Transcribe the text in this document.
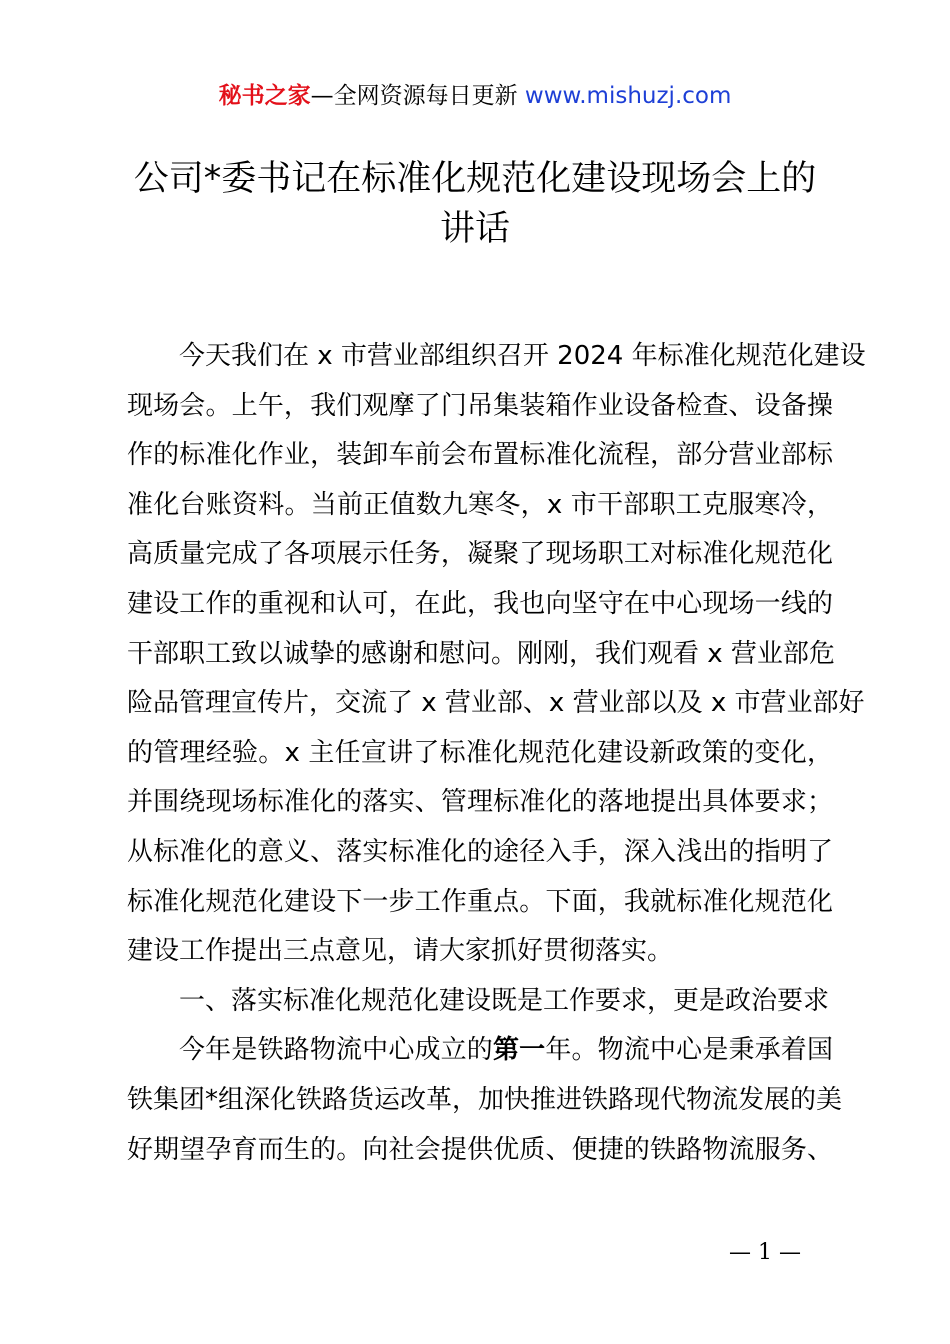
秘书之家—全网资源每日更新 www.mishuzj.com
公司*委书记在标准化规范化建设现场会上的
讲话
今天我们在 x 市营业部组织召开 2024 年标准化规范化建设
现场会。上午，我们观摩了门吊集装箱作业设备检查、设备操
作的标准化作业，装卸车前会布置标准化流程，部分营业部标
准化台账资料。当前正值数九寒冬，x 市干部职工克服寒冷，
高质量完成了各项展示任务，凝聚了现场职工对标准化规范化
建设工作的重视和认可，在此，我也向坚守在中心现场一线的
干部职工致以诚挚的感谢和慰问。刚刚，我们观看 x 营业部危
险品管理宣传片，交流了 x 营业部、x 营业部以及 x 市营业部好
的管理经验。x 主任宣讲了标准化规范化建设新政策的变化，
并围绕现场标准化的落实、管理标准化的落地提出具体要求；
从标准化的意义、落实标准化的途径入手，深入浅出的指明了
标准化规范化建设下一步工作重点。下面，我就标准化规范化
建设工作提出三点意见，请大家抓好贯彻落实。
一、落实标准化规范化建设既是工作要求，更是政治要求
今年是铁路物流中心成立的第一年。物流中心是秉承着国
铁集团*组深化铁路货运改革，加快推进铁路现代物流发展的美
好期望孕育而生的。向社会提供优质、便捷的铁路物流服务、
— 1 —
